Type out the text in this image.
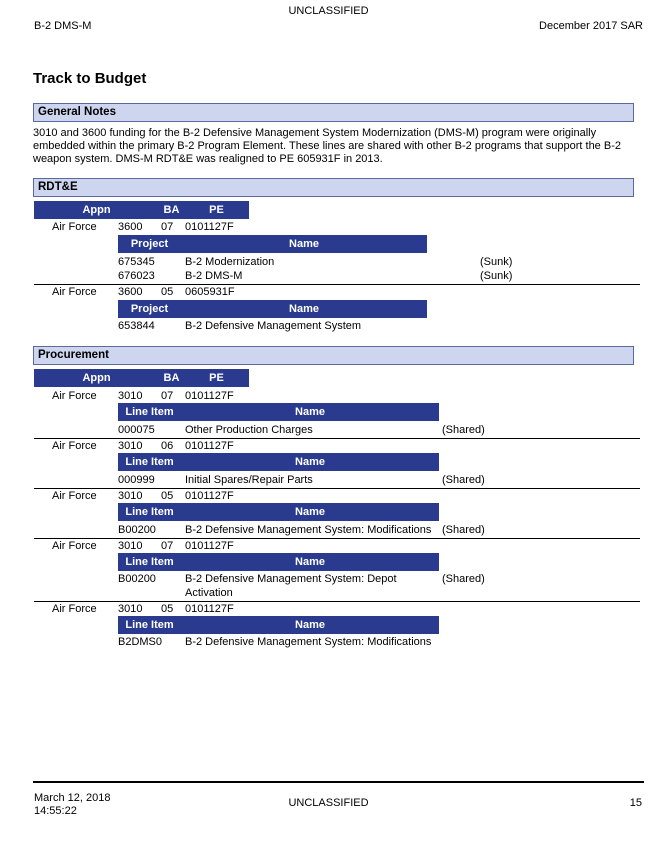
UNCLASSIFIED
B-2 DMS-M	December 2017 SAR
Track to Budget
General Notes
3010 and 3600 funding for the B-2 Defensive Management System Modernization (DMS-M) program were originally
embedded within the primary B-2 Program Element. These lines are shared with other B-2 programs that support the B-2
weapon system. DMS-M RDT&E was realigned to PE 605931F in 2013.
RDT&E
Appn	BA	PE
Air Force 3600 07 0101127F
Project	Name
675345	B-2 Modernization	(Sunk)
676023	B-2 DMS-M	(Sunk)
Air Force 3600 05 0605931F
Project	Name
653844	B-2 Defensive Management System
Procurement
Appn	BA	PE
Air Force 3010 07 0101127F
Line Item	Name
000075	Other Production Charges	(Shared)
Air Force 3010 06 0101127F
Line Item	Name
000999	Initial Spares/Repair Parts	(Shared)
Air Force 3010 05 0101127F
Line Item	Name
B00200	B-2 Defensive Management System: Modifications (Shared)
Air Force 3010 07 0101127F
Line Item	Name
B00200	B-2 Defensive Management System: Depot
Activation
(Shared)
Air Force 3010 05 0101127F
Line Item	Name
B2DMS0 B-2 Defensive Management System: Modifications
March 12, 2018
14:55:22
UNCLASSIFIED	15
